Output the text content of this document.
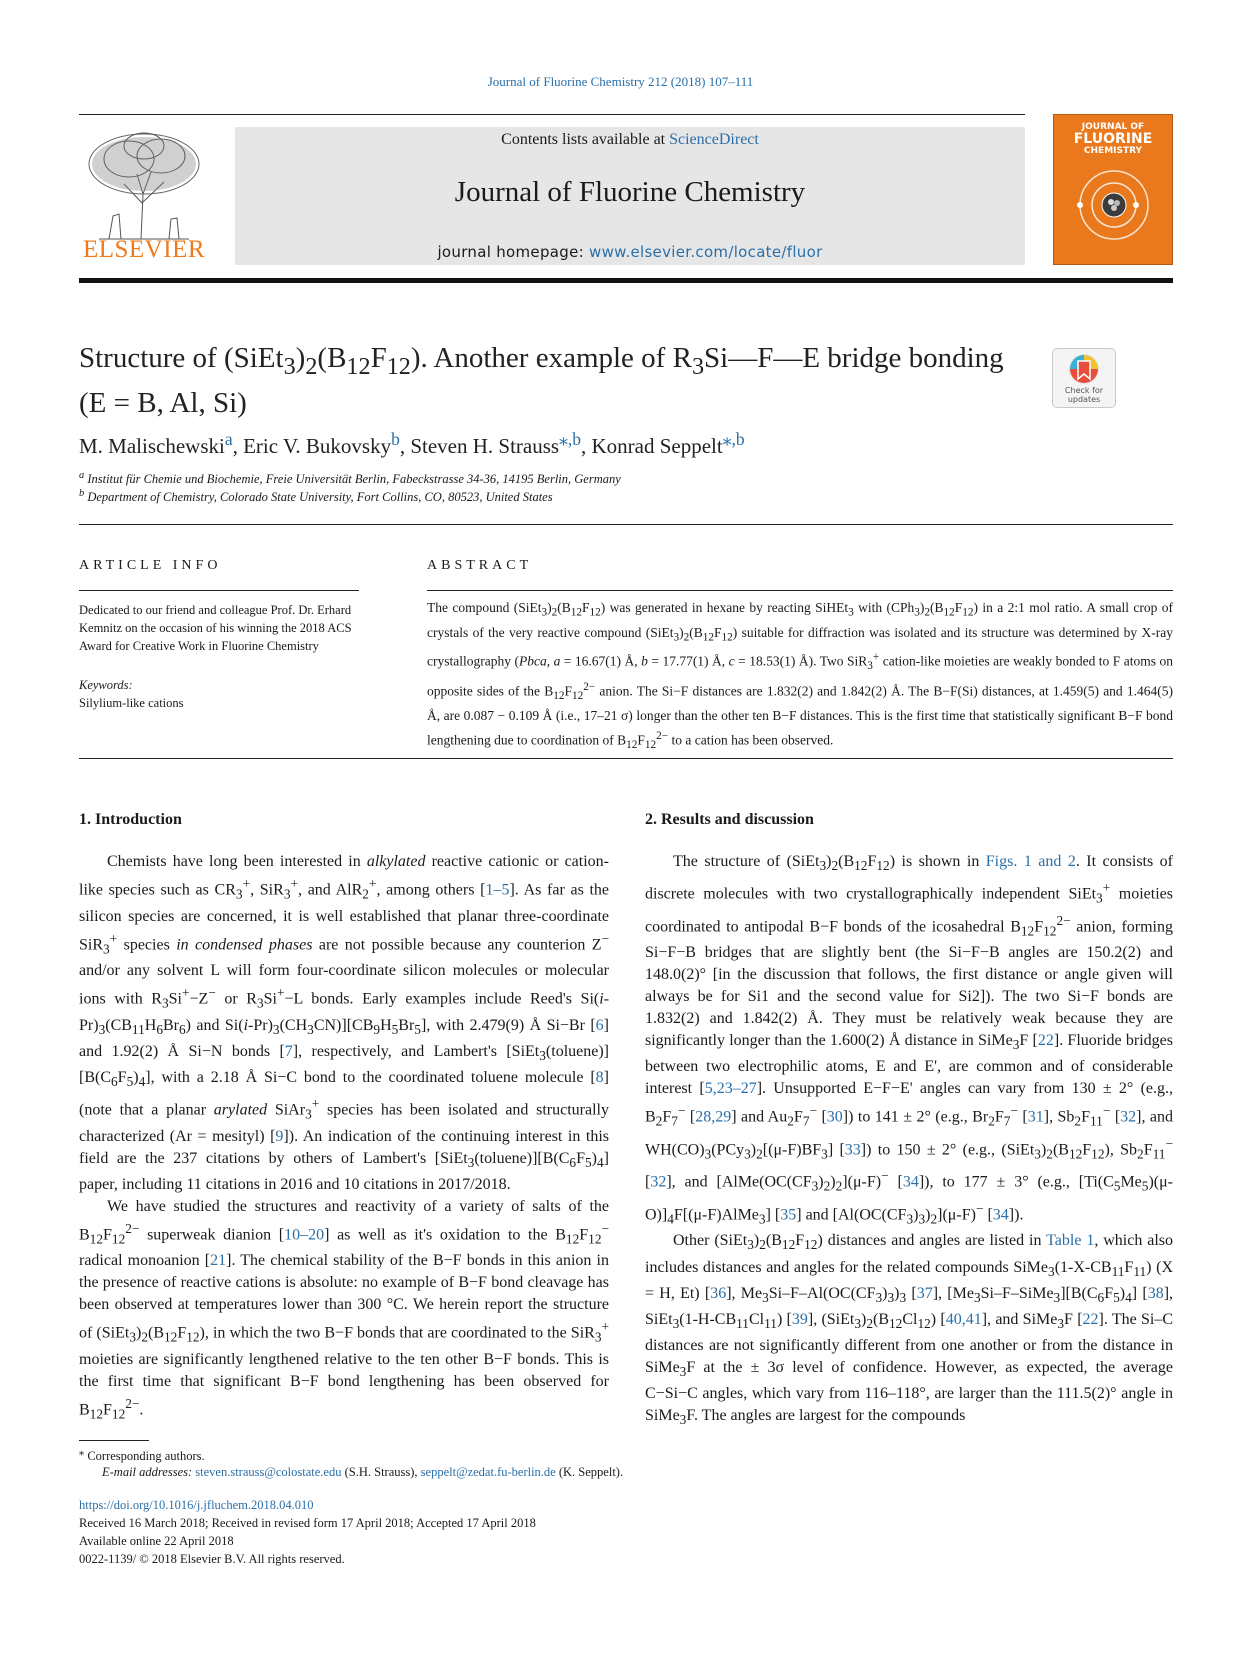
Journal of Fluorine Chemistry 212 (2018) 107–111
ELSEVIER
Contents lists available at ScienceDirect
Journal of Fluorine Chemistry
journal homepage: www.elsevier.com/locate/fluor
JOURNAL OF
FLUORINE
CHEMISTRY
Structure of $(SiEt_3)_2(B_{12}F_{12})$. Another example of $R_3Si—F—E$ bridge bonding
(E = B, Al, Si)	Check for
updates
M. Malischewski$^a$, Eric V. Bukovsky$^b$, Steven H. Strauss$^{⁎,b}$, Konrad Seppelt$^{⁎,b}$
$^a$ Institut für Chemie und Biochemie, Freie Universität Berlin, Fabeckstrasse 34-36, 14195 Berlin, Germany
$^b$ Department of Chemistry, Colorado State University, Fort Collins, CO, 80523, United States
ARTICLE INFO
Dedicated to our friend and colleague Prof. Dr. Erhard Kemnitz on the occasion of his winning the 2018 ACS Award for Creative Work in Fluorine Chemistry
Keywords:
Silylium-like cations
ABSTRACT
The compound $(SiEt_3)_2(B_{12}F_{12})$ was generated in hexane by reacting SiHEt$_3$ with $(CPh_3)_2(B_{12}F_{12})$ in a 2:1 mol ratio. A small crop of crystals of the very reactive compound $(SiEt_3)_2(B_{12}F_{12})$ suitable for diffraction was isolated and its structure was determined by X-ray crystallography (Pbca, a = 16.67(1) Å, b = 17.77(1) Å, c = 18.53(1) Å). Two SiR$_3$+ cation-like moieties are weakly bonded to F atoms on opposite sides of the $B_{12}F_{12}^{2-}$ anion. The Si−F distances are 1.832(2) and 1.842(2) Å. The B−F(Si) distances, at 1.459(5) and 1.464(5) Å, are 0.087 − 0.109 Å (i.e., 17–21 σ) longer than the other ten B−F distances. This is the first time that statistically significant B−F bond lengthening due to coordination of $B_{12}F_{12}^{2-}$ to a cation has been observed.
1. Introduction	2. Results and discussion

Chemists have long been interested in alkylated reactive cationic or cation-like species such as $CR_3^+$, SiR$_3$+, and AlR$_2$+, among others [1–5]. As far as the silicon species are concerned, it is well established that planar three-coordinate SiR$_3$+ species in condensed phases are not possible because any counterion Z− and/or any solvent L will form four-coordinate silicon molecules or molecular ions with $R_3Si^+-Z^-$ or $R_3Si^+-L$ bonds. Early examples include Reed's $Si(i-Pr)_3(CB_{11}H_6Br_6)$ and $Si(i-Pr)_3(CH_3CN)][CB_9H_5Br_5]$, with 2.479(9) Å Si−Br [6] and 1.92(2) Å Si−N bonds [7], respectively, and Lambert's $[SiEt_3(toluene)][B(C_6F_5)_4]$, with a 2.18 Å Si−C bond to the coordinated toluene molecule [8] (note that a planar arylated SiAr$_3$+ species has been isolated and structurally characterized (Ar = mesityl) [9]). An indication of the continuing interest in this field are the 237 citations by others of Lambert's $[SiEt_3(toluene)][B(C_6F_5)_4]$ paper, including 11 citations in 2016 and 10 citations in 2017/2018.

We have studied the structures and reactivity of a variety of salts of the $B_{12}F_{12}^{2-}$ superweak dianion [10–20] as well as it's oxidation to the $B_{12}F_{12}^-$ radical monoanion [21]. The chemical stability of the B−F bonds in this anion in the presence of reactive cations is absolute: no example of B−F bond cleavage has been observed at temperatures lower than 300 °C. We herein report the structure of $(SiEt_3)_2(B_{12}F_{12})$, in which the two B−F bonds that are coordinated to the SiR$_3$+ moieties are significantly lengthened relative to the ten other B−F bonds. This is the first time that significant B−F bond lengthening has been observed for $B_{12}F_{12}^{2-}$.

The structure of $(SiEt_3)_2(B_{12}F_{12})$ is shown in Figs. 1 and 2. It consists of discrete molecules with two crystallographically independent SiEt$_3$+ moieties coordinated to antipodal B−F bonds of the icosahedral $B_{12}F_{12}^{2-}$ anion, forming Si−F−B bridges that are slightly bent (the Si−F−B angles are 150.2(2) and 148.0(2)° [in the discussion that follows, the first distance or angle given will always be for Si1 and the second value for Si2]). The two Si−F bonds are 1.832(2) and 1.842(2) Å. They must be relatively weak because they are significantly longer than the 1.600(2) Å distance in SiMe$_3$F [22]. Fluoride bridges between two electrophilic atoms, E and E', are common and of considerable interest [5,23–27]. Unsupported E−F−E' angles can vary from 130 ± 2° (e.g., $B_2F_7^-$ [28,29] and $Au_2F_7^-$ [30]) to 141 ± 2° (e.g., $Br_2F_7^-$ [31], $Sb_2F_{11}^-$ [32], and $WH(CO)_3(PCy_3)_2[(\mu-F)BF_3]$ [33]) to 150 ± 2° (e.g., $(SiEt_3)_2(B_{12}F_{12})$, $Sb_2F_{11}^-$ [32], and $[AlMe(OC(CF_3)_2)_2](\mu-F)^-$ [34]), to 177 ± 3° (e.g., $[Ti(C_5Me_5)(\mu-O)]_4F[(\mu-F)AlMe_3]$ [35] and $[Al(OC(CF_3)_3)_2](\mu-F)^-$ [34]).

Other $(SiEt_3)_2(B_{12}F_{12})$ distances and angles are listed in Table 1, which also includes distances and angles for the related compounds $SiMe_3(1-X-CB_{11}F_{11}) (X = H$, Et) [36], $Me_3Si-F-Al(OC(CF_3)_3)_3$ [37], $[Me_3Si-F-SiMe_3][B(C_6F_5)_4]$ [38], $SiEt_3(1-H-CB_{11}Cl_{11})$ [39], $(SiEt_3)_2(B_{12}Cl_{12})$ [40,41], and SiMe$_3$F [22]. The Si–C distances are not significantly different from one another or from the distance in SiMe$_3$F at the ± 3σ level of confidence. However, as expected, the average C−Si−C angles, which vary from 116–118°, are larger than the 111.5(2)° angle in SiMe$_3$F. The angles are largest for the compounds

⁎ Corresponding authors.
E-mail addresses: steven.strauss@colostate.edu (S.H. Strauss), seppelt@zedat.fu-berlin.de (K. Seppelt).
https://doi.org/10.1016/j.jfluchem.2018.04.010
Received 16 March 2018; Received in revised form 17 April 2018; Accepted 17 April 2018
Available online 22 April 2018
0022-1139/ © 2018 Elsevier B.V. All rights reserved.
